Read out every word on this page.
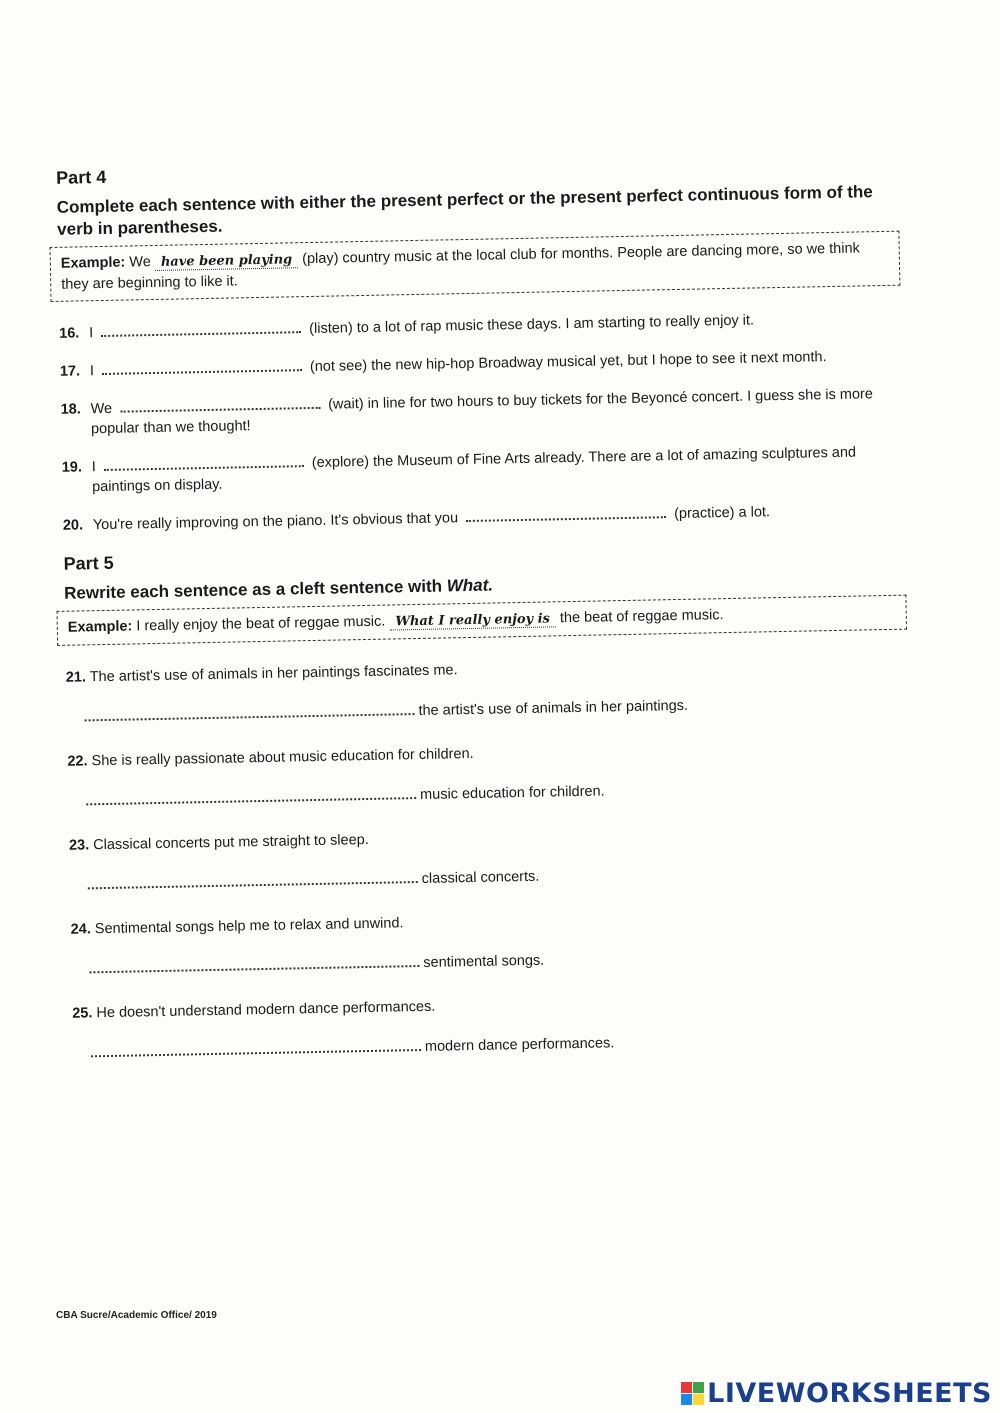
Part 4
Complete each sentence with either the present perfect or the present perfect continuous form of the verb in parentheses.
Example: We have been playing (play) country music at the local club for months. People are dancing more, so we think they are beginning to like it.
16. I	(listen) to a lot of rap music these days. I am starting to really enjoy it.
17. I	(not see) the new hip-hop Broadway musical yet, but I hope to see it next month.
18. We	(wait) in line for two hours to buy tickets for the Beyoncé concert. I guess she is more popular than we thought!
19. I	(explore) the Museum of Fine Arts already. There are a lot of amazing sculptures and paintings on display.
20. You're really improving on the piano. It's obvious that you	(practice) a lot.
Part 5
Rewrite each sentence as a cleft sentence with What.
Example: I really enjoy the beat of reggae music. What I really enjoy is the beat of reggae music.
21. The artist's use of animals in her paintings fascinates me.
the artist's use of animals in her paintings.
22. She is really passionate about music education for children.
music education for children.
23. Classical concerts put me straight to sleep.
classical concerts.
24. Sentimental songs help me to relax and unwind.
sentimental songs.
25. He doesn't understand modern dance performances.
modern dance performances.
CBA Sucre/Academic Office/ 2019
LIVEWORKSHEETS
